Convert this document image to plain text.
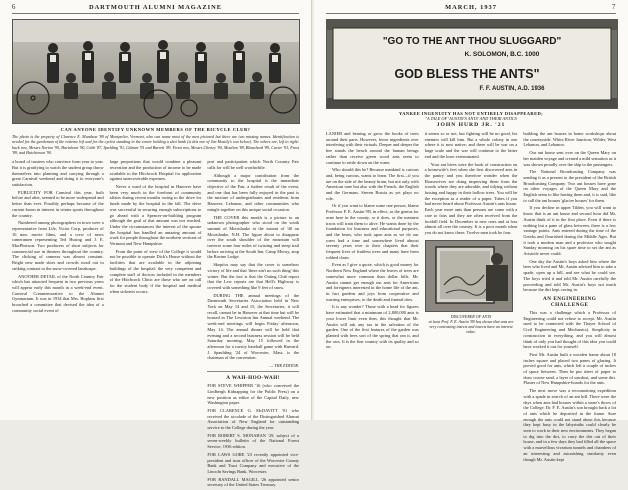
6	DARTMOUTH ALUMNI MAGAZINE
CAN ANYONE IDENTIFY UNKNOWN MEMBERS OF THE BICYCLE CLUB?
The photo is the property of Clarence E. Mundson '89 of Montpelier, Vermont, who can name most of the men pictured but there are two missing names. Identification is needed for the gentleman of the extreme left and for the cyclist standing in the center holding a shot lamb (is this one of Jim Hastily's son below). The others are, left to right: back row, Messrs Norton '90, Hartshorn '90, Cobb '87, Spalding '91, Gilman '91 and Barrett '89. Front row, Messrs Cheney '90, Moulton '89, Blanchard '89, Carter '91, Frost '89, and Hutchinson '90.

a board of trustees who convince from year to year. But it is gratifying to watch the student group throw themselves into planning and carrying through a great Carnival weekend and doing it to everyone's satisfaction.

PUBLICITY FOR Carnival this year, both before and after, seemed to be more widespread and better than ever. Possibly perhaps because of the current boom in interest in winter sports throughout the country.

Numbered among photographers in town were a representative from Life, Victor Corp, producer of 16 mm. movie films, and a crew of news cameramen representing Ted Husing and J. E. MacPherson. Two producers of short subjects for commercial use in theaters throughout the country. The clicking of cameras was almost constant. Bright new made skies and crowds stood out in striking contrast to the snow-covered landscape.

ANOTHER DETAIL of the North Country Fair which has attracted frequent in two previous years will appear early this month in a week-end event. Carnival Commemorative to the Alumni Gymnasium. It was in 1934 that Mrs. Hopkins first broached a committee that devised the idea of a community social event of

large proportions that would combine a pleasant recreation and the production of income to be made available to the Hitchcock Hospital for application against unrecoverable expenses.

Never a ward of the hospital in Hanover have been very much in the forefront of community affairs during recent months owing to the drive for funds made by the hospital in the fall. The drive was successful in securing enough subscriptions to go ahead with a Spencer-on-building program although the goal of that amount was not reached. Under the circumstances the interest of the spouse the hospital has handled an amazing amount of work for people throughout the northern sections of Vermont and New Hampshire.

From the point of view of the College it would not be possible to operate Dick's House without the facilities that are available in the adjoining buildings of the hospital: the very competent and complete staff of doctors included in the members of the Hitchcock Clinic are those who are on call for the student body if the hospital and medical when sickness occurs.

port and participation which North Country Fair calls for will be well worthwhile.

Although a major contribution from the community to the hospital is the immediate objective of the Fair, a further result of the event, and one that has been fully enjoyed in the past is the mixture of undergraduates and residents from Hanover, Lebanon, and other communities who mingle together on this unique social occasion.

THE COVER this month is a picture to an unknown photographer who stood on the south summit of Moosilauke at the instant of '40 on Moosilauke, N.H. The figure about to disappear over the south shoulder of the mountain will traverse some four miles of twisting and steep trail before arriving at the South Inn, Camp Moosy, atop the Ravine Lodge.

Skeptics may say that the cover is somehow victory of life and that 'there ain't no such thing' this winter. But the fact is that the Outing Club report that the Lew reports are that Hell's Highway is covered with something like 9 feet of snow.

DURING THE annual meetings of the Dartmouth Secretaries Association held in New York on May 14 and 15, the Secretaries, it will recall, cannot be in Hanover at that time but will be housed in The Lewiston Inn Annual weekend. The week-end meetings will begin Friday afternoon, May 14. The annual dinner will be held that evening and a second business session will be held Saturday morning, May 15 followed in the afternoon for a varsity baseball game with Harvard. J. Spaulding '24 of Worcester, Mass. is the chairman of the convention.

— THE EDITOR.
A WAH-HOO-WAH!

FOR STEVE WHIPPER '16 (who conceived the Lindbergh Kidnapping for the Public Press) on a new position as editor of the Capital Daily, new Washington paper.

FOR CLARENCE G. McDAVITT '01 who received the accolade of the Distinguished Alumni Association of New England for outstanding service to the College during the year.

FOR ROBERT S. MONAHAN '29, subject of a seven-weekly bulletin of the National Forest Service, 1936 edition.

FOR LAWS GORE '23 recently appointed vice-president and trust officer of the Worcester County Bank and Trust Company and executive of the Lincoln Savings Bank, Worcester.

FOR RANDALL MAGILL '26 appointed senior secretary of the United States Treasury.

MARCH, 1937	7
"GO TO THE ANT THOU SLUGGARD"
K. SOLOMON, B.C. 1000
GOD BLESS THE ANTS"
F. F. AUSTIN, A.D. 1936
YANKEE INGENUITY HAS NOT ENTIRELY DISAPPEARED;
"A TALE OF 'AUSTIN'S ANTS' AND THEIR ANTICS
JOHN HURD JR. '21

LANIER and bearing or grow the books of trees around their parts. However, fewer ingredients over interfering with their virtuals. Deeper and deeper the bee stands the bench around the human beings rather than receive green wood ants seem to continue to settle down on the water.

Who should this be? Because mankind is curious and, being curious, wants to learn. The first—if you are on the side of the beauty brain, but not only with American tone but also with the French, the English and the Germans. Steven Rossia as yet plays no role.

Or if you want to blame some one person, blame Professor F. E. Austin '89, in effect, as the genius for acne here in the county, or it does, or the meanest tracts will train them to alive. He wants done by the foundation for business and educational purposes, and the bears, who took upon ants as we do our roses had a time and somewhere lived almost seventy years over to their chapters that their frequent lives of fruitless trees and many have been robbed clean.

Even as I give a quote, which is good money for Northern New England where the leaves of trees are somewhat more common than dollar bills. Mr. Austin cannot get enough out ants for Americans and foreigners interested in the home life of the ant, in fact gardens and joys from cooperative and warring enterprises, to the death and funeral rites.

It is any wonder? Those with a head for figures have estimated that a minimum of 2,800,000 ants is your lower limit even then, this thought that Mr. Austin will ask any tax in the salvation of the garden. One of the first features of the garden was planted with bees sort of the spring that ran it, and the cars. It is the fine country with its quality and so on.

it seems so or not, but fighting will be no good, his enemies will kill him. But a whole colony in one where it is now native; and there will be war on a large scale and the war will continue to the bitter end and the loser exterminated.

Your ant hives were the book of construction on a housewife's feet when she first discovered ants in the pantry and you therefore wonder when the Housewives are doing improving them from the woods where they are adorable, and tidying without fussing and happy in their hollow trees. You will be the exception as a reader of a paper. Tubes if you had never heard about Professor Austin's ants house. Each year more ants than persons are come with a care to fairs and they are often received from the foothill field. In December to new ones and at loss almost all over the country. It is a poor month when you do not know these. Twelve men took he four.

DISCOVERER OF ANTS
at least Prof. F. E. Austin '89 has shown that ants are very contrasting insects and insects have an interest value.

building the ant houses in home workshops about the countryside. White River Junction, Wilder, West Lebanon, and Lebanon.

Our ant house sent over on the Queen Mary on her maiden voyage and created a mild sensation as it was shown proudly over the ship to the passengers.

The National Broadcasting Company was sending it as a present to the president of the British Broadcasting Company. Two ant houses have gone on other voyages of the Queen Mary and the English seem to like having them and, it is said, like to call the ant houses 'glacier houses' for them.

If you decline in upper Tilden, you will want to know that is an ant house and second hour did Mr. Austin think of it in the first place. Even if there is nothing but a pane of glass between, there is a few vantage points. Ants entered during the time of the Greeks and flourished during the Middle Ages. But it took a modern man and a professor who sought Sunday morning on his spare time to set the ant as Aristotle never could.

One day the Austin's boys asked him where the bees who lived and Mr. Austin advised him to take a spade, open up a hill, and see what he could see. The boys tried it and told Mr. Austin carefully the proceeding and told Mr. Austin's boys not much because the dirt kept caving in.

AN ENGINEERING CHALLENGE

This was a challenge which a Professor of Engineering could not refuse to accept. Mr. Austin used to be connected with the Thayer School of Civil Engineering and Mechanics). Simplicity in construction in everything, and you will almost think of only you had thought of this idea you could have worked it out for yourself.

First Mr. Austin built a wooden frame about 18 inches square and placed two panes of glazing. It proved good for ants, which left a couple of inches of space between. Then he put sheet of paper to draw coarse sand, a layer of sawdust, and some dirt. Plaster of New Hampshire-boards for the ants.

The next move was a reconnoitring expedition with a spade in search of an ant hill. There were the days when ants had houses within a stone's throw of the College. Dr. F. E. Austin's son brought back a lot of ants which he deposited in the frame. Sure enough the ants could not stand about this because they kept busy in the labyrinths could clearly be seen to work in their new environments. They began to dig into the dirt, to carry the dirt out of their house, and in a few days they had filled all the space with a marvellous vivarium tunnels and chambers of an interesting and astonishing similarity even though Mr. Austin kept
